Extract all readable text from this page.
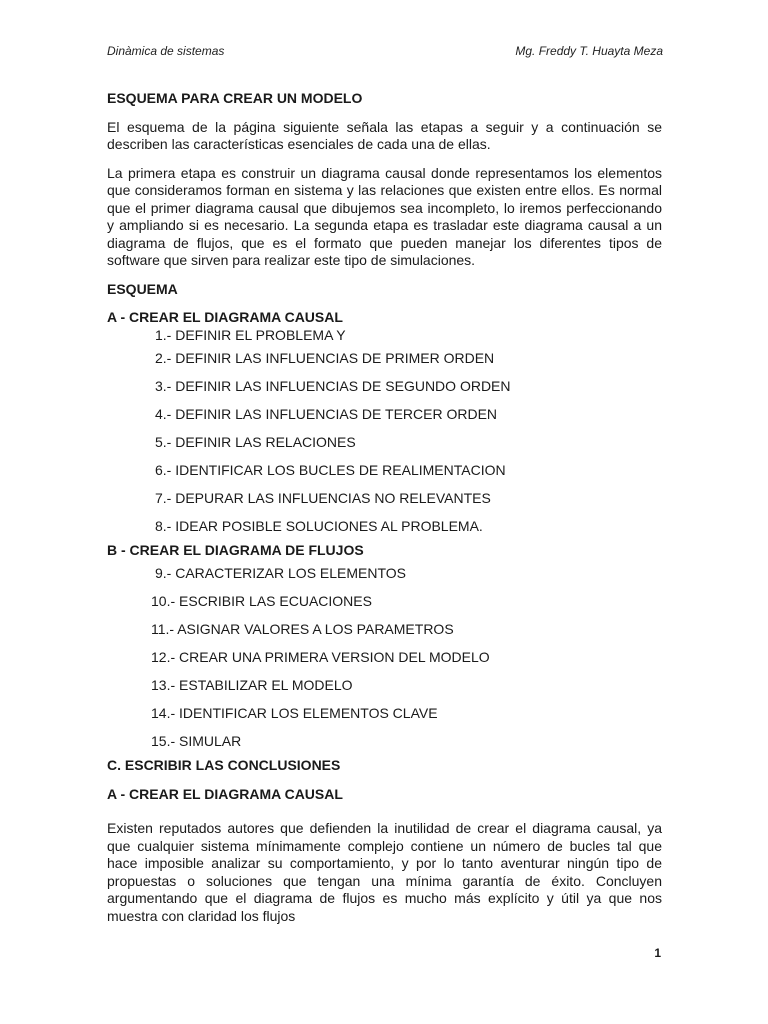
Dinàmica de sistemas	Mg. Freddy T. Huayta Meza
ESQUEMA PARA CREAR UN MODELO

El esquema de la página siguiente señala las etapas a seguir y a continuación se describen las características esenciales de cada una de ellas.

La primera etapa es construir un diagrama causal donde representamos los elementos que consideramos forman en sistema y las relaciones que existen entre ellos. Es normal que el primer diagrama causal que dibujemos sea incompleto, lo iremos perfeccionando y ampliando si es necesario. La segunda etapa es trasladar este diagrama causal a un diagrama de flujos, que es el formato que pueden manejar los diferentes tipos de software que sirven para realizar este tipo de simulaciones.

ESQUEMA
A - CREAR EL DIAGRAMA CAUSAL
1.- DEFINIR EL PROBLEMA Y
2.- DEFINIR LAS INFLUENCIAS DE PRIMER ORDEN
3.- DEFINIR LAS INFLUENCIAS DE SEGUNDO ORDEN
4.- DEFINIR LAS INFLUENCIAS DE TERCER ORDEN
5.- DEFINIR LAS RELACIONES
6.- IDENTIFICAR LOS BUCLES DE REALIMENTACION
7.- DEPURAR LAS INFLUENCIAS NO RELEVANTES
8.- IDEAR POSIBLE SOLUCIONES AL PROBLEMA.
B - CREAR EL DIAGRAMA DE FLUJOS
9.- CARACTERIZAR LOS ELEMENTOS
10.- ESCRIBIR LAS ECUACIONES
11.- ASIGNAR VALORES A LOS PARAMETROS
12.- CREAR UNA PRIMERA VERSION DEL MODELO
13.- ESTABILIZAR EL MODELO
14.- IDENTIFICAR LOS ELEMENTOS CLAVE
15.- SIMULAR
C. ESCRIBIR LAS CONCLUSIONES
A - CREAR EL DIAGRAMA CAUSAL

Existen reputados autores que defienden la inutilidad de crear el diagrama causal, ya que cualquier sistema mínimamente complejo contiene un número de bucles tal que hace imposible analizar su comportamiento, y por lo tanto aventurar ningún tipo de propuestas o soluciones que tengan una mínima garantía de éxito. Concluyen argumentando que el diagrama de flujos es mucho más explícito y útil ya que nos muestra con claridad los flujos

1
